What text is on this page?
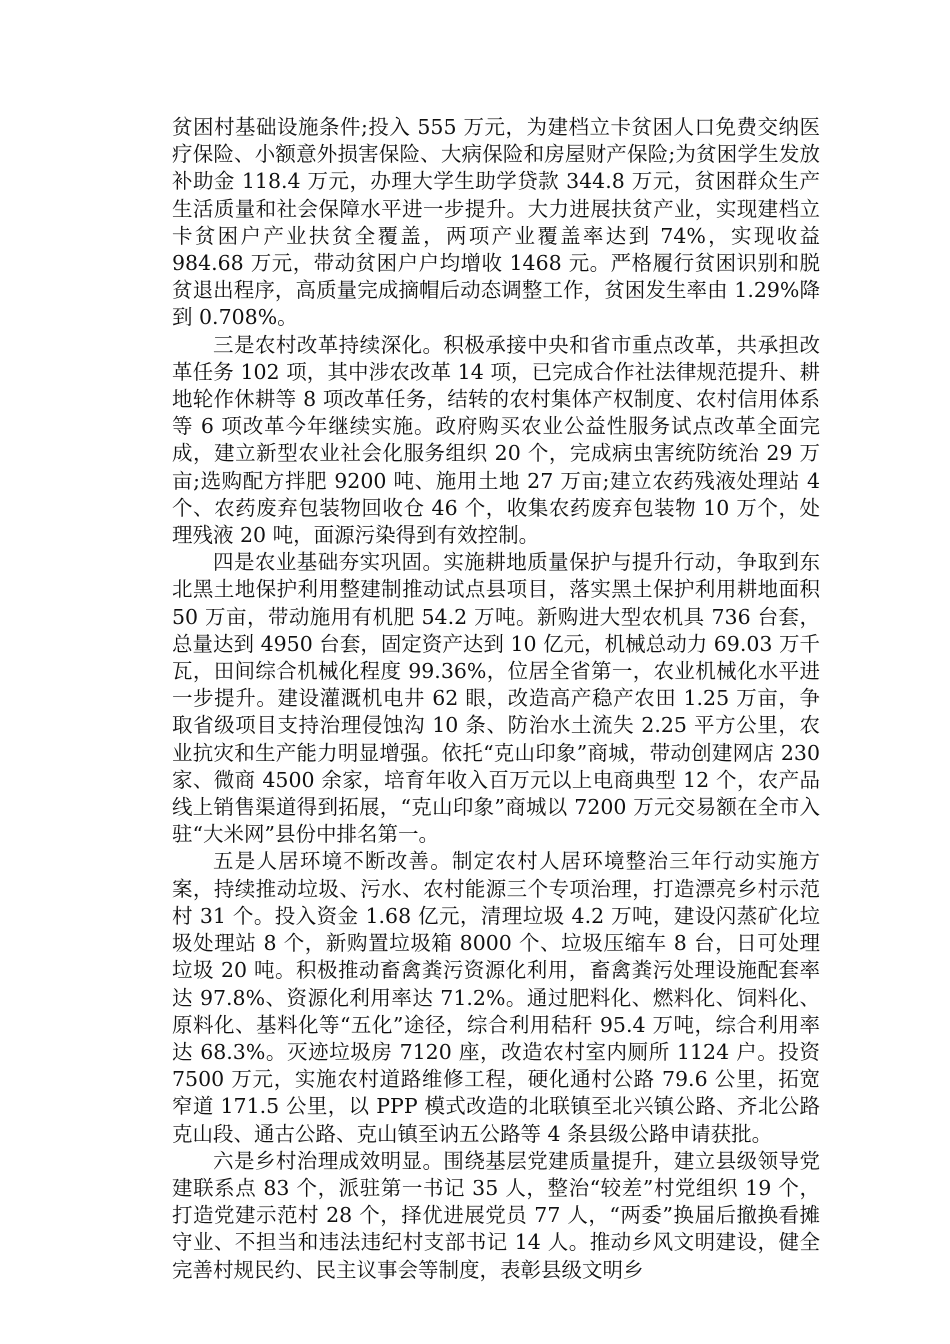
贫困村基础设施条件;投入 555 万元，为建档立卡贫困人口免费交纳医疗保险、小额意外损害保险、大病保险和房屋财产保险;为贫困学生发放补助金 118.4 万元，办理大学生助学贷款 344.8 万元，贫困群众生产生活质量和社会保障水平进一步提升。大力进展扶贫产业，实现建档立卡贫困户产业扶贫全覆盖，两项产业覆盖率达到 74%，实现收益 984.68 万元，带动贫困户户均增收 1468 元。严格履行贫困识别和脱贫退出程序，高质量完成摘帽后动态调整工作，贫困发生率由 1.29%降到 0.708%。

三是农村改革持续深化。积极承接中央和省市重点改革，共承担改革任务 102 项，其中涉农改革 14 项，已完成合作社法律规范提升、耕地轮作休耕等 8 项改革任务，结转的农村集体产权制度、农村信用体系等 6 项改革今年继续实施。政府购买农业公益性服务试点改革全面完成，建立新型农业社会化服务组织 20 个，完成病虫害统防统治 29 万亩;选购配方拌肥 9200 吨、施用土地 27 万亩;建立农药残液处理站 4 个、农药废弃包装物回收仓 46 个，收集农药废弃包装物 10 万个，处理残液 20 吨，面源污染得到有效控制。

四是农业基础夯实巩固。实施耕地质量保护与提升行动，争取到东北黑土地保护利用整建制推动试点县项目，落实黑土保护利用耕地面积 50 万亩，带动施用有机肥 54.2 万吨。新购进大型农机具 736 台套，总量达到 4950 台套，固定资产达到 10 亿元，机械总动力 69.03 万千瓦，田间综合机械化程度 99.36%，位居全省第一，农业机械化水平进一步提升。建设灌溉机电井 62 眼，改造高产稳产农田 1.25 万亩，争取省级项目支持治理侵蚀沟 10 条、防治水土流失 2.25 平方公里，农业抗灾和生产能力明显增强。依托“克山印象”商城，带动创建网店 230 家、微商 4500 余家，培育年收入百万元以上电商典型 12 个，农产品线上销售渠道得到拓展，“克山印象”商城以 7200 万元交易额在全市入驻“大米网”县份中排名第一。

五是人居环境不断改善。制定农村人居环境整治三年行动实施方案，持续推动垃圾、污水、农村能源三个专项治理，打造漂亮乡村示范村 31 个。投入资金 1.68 亿元，清理垃圾 4.2 万吨，建设闪蒸矿化垃圾处理站 8 个，新购置垃圾箱 8000 个、垃圾压缩车 8 台，日可处理垃圾 20 吨。积极推动畜禽粪污资源化利用，畜禽粪污处理设施配套率达 97.8%、资源化利用率达 71.2%。通过肥料化、燃料化、饲料化、原料化、基料化等“五化”途径，综合利用秸秆 95.4 万吨，综合利用率达 68.3%。灭迹垃圾房 7120 座，改造农村室内厕所 1124 户。投资 7500 万元，实施农村道路维修工程，硬化通村公路 79.6 公里，拓宽窄道 171.5 公里，以 PPP 模式改造的北联镇至北兴镇公路、齐北公路克山段、通古公路、克山镇至讷五公路等 4 条县级公路申请获批。

六是乡村治理成效明显。围绕基层党建质量提升，建立县级领导党建联系点 83 个，派驻第一书记 35 人，整治“较差”村党组织 19 个，打造党建示范村 28 个，择优进展党员 77 人，“两委”换届后撤换看摊守业、不担当和违法违纪村支部书记 14 人。推动乡风文明建设，健全完善村规民约、民主议事会等制度，表彰县级文明乡
